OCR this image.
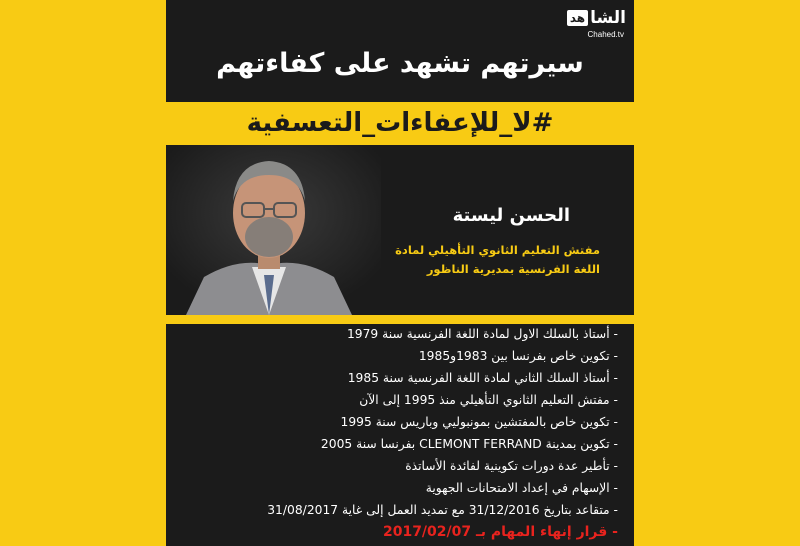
الشا
هد
Chahed.tv
سيرتهم تشهد على كفاءتهم
#لا_للإعفاءات_التعسفية
الحسن ليستة
مفتش التعليم الثانوي التأهيلي لمادة
اللغة الفرنسية بمديرية الناظور
- أستاذ بالسلك الاول لمادة اللغة الفرنسية سنة 1979
- تكوين خاص بفرنسا بين 1983و1985
- أستاذ السلك الثاني لمادة اللغة الفرنسية سنة 1985
- مفتش التعليم الثانوي التأهيلي منذ 1995 إلى الآن
- تكوين خاص بالمفتشين بمونبوليي وباريس سنة 1995
- تكوين بمدينة CLEMONT FERRAND بفرنسا سنة 2005
- تأطير عدة دورات تكوينية لفائدة الأساتذة
- الإسهام في إعداد الامتحانات الجهوية
- متقاعد بتاريخ 31/12/2016 مع تمديد العمل إلى غاية 31/08/2017
- قرار إنهاء المهام بـ 2017/02/07
